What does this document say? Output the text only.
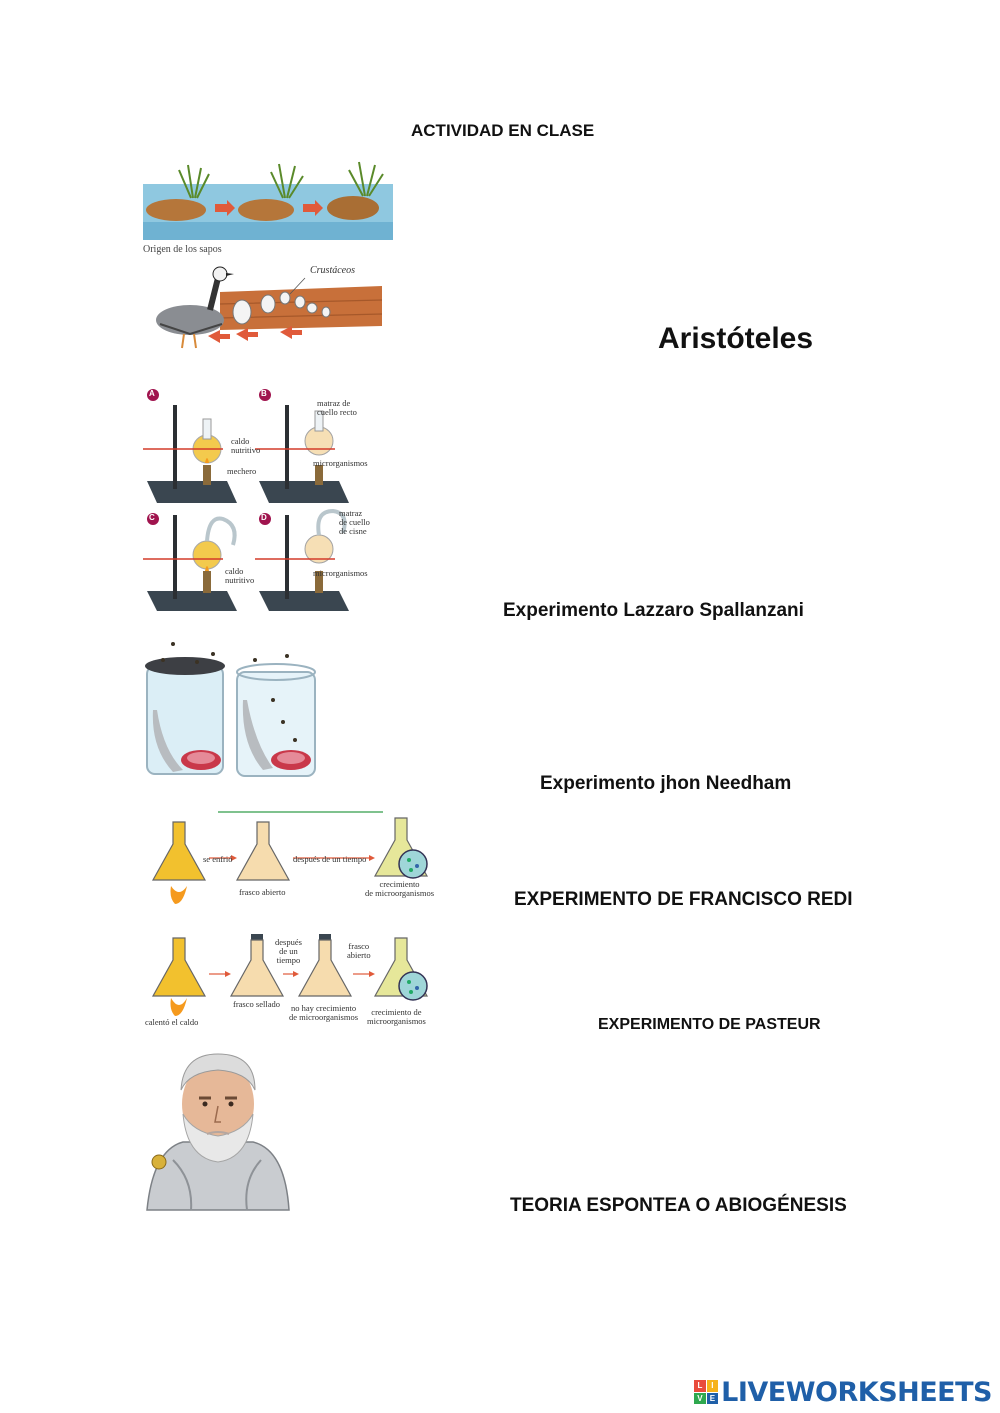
ACTIVIDAD EN CLASE
Origen de los sapos
Crustáceos
Aristóteles
A	B
C	D
caldo
nutritivo
mechero
matraz de
cuello recto
microrganismos
caldo
nutritivo
matraz
de cuello
de cisne
microrganismos
Experimento Lazzaro Spallanzani
Experimento jhon Needham
se enfrió	después de un tiempo
frasco abierto
crecimiento
de microorganismos	EXPERIMENTO DE FRANCISCO REDI
después
de un
tiempo
frasco
abierto
calentó el caldo
frasco sellado no hay crecimiento
de microorganismos	crecimiento de
microorganismos	EXPERIMENTO DE PASTEUR
TEORIA ESPONTEA O ABIOGÉNESIS
L	I
V E LIVEWORKSHEETS
